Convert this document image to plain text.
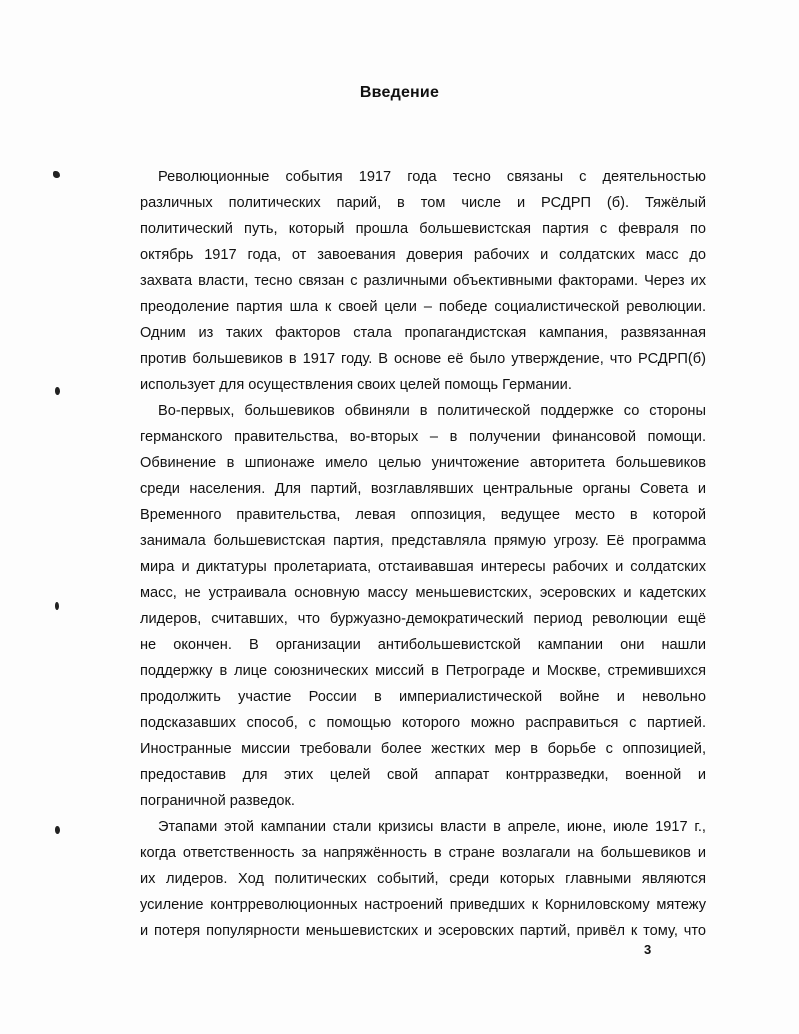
Введение
Революционные события 1917 года тесно связаны с деятельностью
различных политических парий, в том числе и РСДРП (б). Тяжёлый
политический путь, который прошла большевистская партия с февраля по
октябрь 1917 года, от завоевания доверия рабочих и солдатских масс до
захвата власти, тесно связан с различными объективными факторами. Через их
преодоление партия шла к своей цели – победе социалистической революции.
Одним из таких факторов стала пропагандистская кампания, развязанная
против большевиков в 1917 году. В основе её было утверждение, что РСДРП(б)
использует для осуществления своих целей помощь Германии.
Во-первых, большевиков обвиняли в политической поддержке со стороны
германского правительства, во-вторых – в получении финансовой помощи.
Обвинение в шпионаже имело целью уничтожение авторитета большевиков
среди населения. Для партий, возглавлявших центральные органы Совета и
Временного правительства, левая оппозиция, ведущее место в которой
занимала большевистская партия, представляла прямую угрозу. Её программа
мира и диктатуры пролетариата, отстаивавшая интересы рабочих и солдатских
масс, не устраивала основную массу меньшевистских, эсеровских и кадетских
лидеров, считавших, что буржуазно-демократический период революции ещё
не окончен. В организации антибольшевистской кампании они нашли
поддержку в лице союзнических миссий в Петрограде и Москве, стремившихся
продолжить участие России в империалистической войне и невольно
подсказавших способ, с помощью которого можно расправиться с партией.
Иностранные миссии требовали более жестких мер в борьбе с оппозицией,
предоставив для этих целей свой аппарат контрразведки, военной и
пограничной разведок.
Этапами этой кампании стали кризисы власти в апреле, июне, июле 1917 г.,
когда ответственность за напряжённость в стране возлагали на большевиков и
их лидеров. Ход политических событий, среди которых главными являются
усиление контрреволюционных настроений приведших к Корниловскому мятежу
и потеря популярности меньшевистских и эсеровских партий, привёл к тому, что
3
